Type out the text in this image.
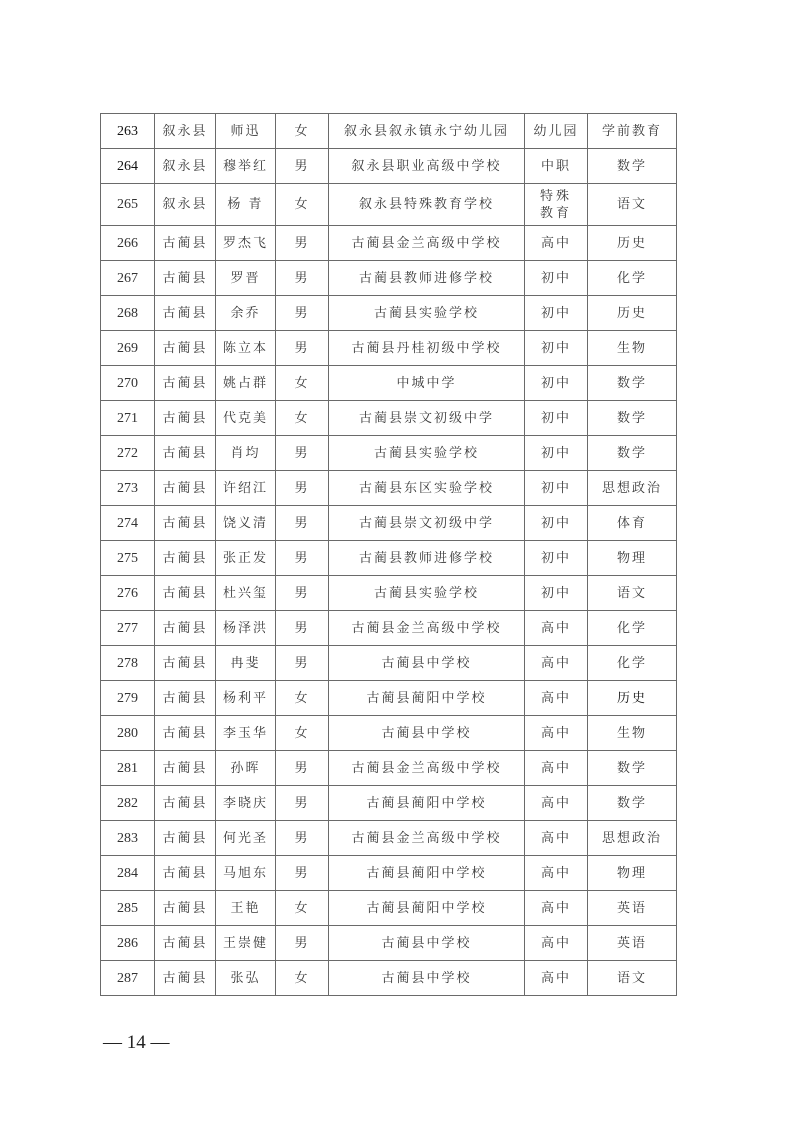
263	叙永县	师迅	女	叙永县叙永镇永宁幼儿园	幼儿园	学前教育
264	叙永县	穆举红	男	叙永县职业高级中学校	中职	数学
265	叙永县	杨 青	女	叙永县特殊教育学校	特殊教育	语文
266	古蔺县	罗杰飞	男	古蔺县金兰高级中学校	高中	历史
267	古蔺县	罗晋	男	古蔺县教师进修学校	初中	化学
268	古蔺县	余乔	男	古蔺县实验学校	初中	历史
269	古蔺县	陈立本	男	古蔺县丹桂初级中学校	初中	生物
270	古蔺县	姚占群	女	中城中学	初中	数学
271	古蔺县	代克美	女	古蔺县崇文初级中学	初中	数学
272	古蔺县	肖均	男	古蔺县实验学校	初中	数学
273	古蔺县	许绍江	男	古蔺县东区实验学校	初中	思想政治
274	古蔺县	饶义清	男	古蔺县崇文初级中学	初中	体育
275	古蔺县	张正发	男	古蔺县教师进修学校	初中	物理
276	古蔺县	杜兴玺	男	古蔺县实验学校	初中	语文
277	古蔺县	杨泽洪	男	古蔺县金兰高级中学校	高中	化学
278	古蔺县	冉斐	男	古蔺县中学校	高中	化学
279	古蔺县	杨利平	女	古蔺县蔺阳中学校	高中	历史
280	古蔺县	李玉华	女	古蔺县中学校	高中	生物
281	古蔺县	孙晖	男	古蔺县金兰高级中学校	高中	数学
282	古蔺县	李晓庆	男	古蔺县蔺阳中学校	高中	数学
283	古蔺县	何光圣	男	古蔺县金兰高级中学校	高中	思想政治
284	古蔺县	马旭东	男	古蔺县蔺阳中学校	高中	物理
285	古蔺县	王艳	女	古蔺县蔺阳中学校	高中	英语
286	古蔺县	王崇健	男	古蔺县中学校	高中	英语
287	古蔺县	张弘	女	古蔺县中学校	高中	语文
— 14 —
